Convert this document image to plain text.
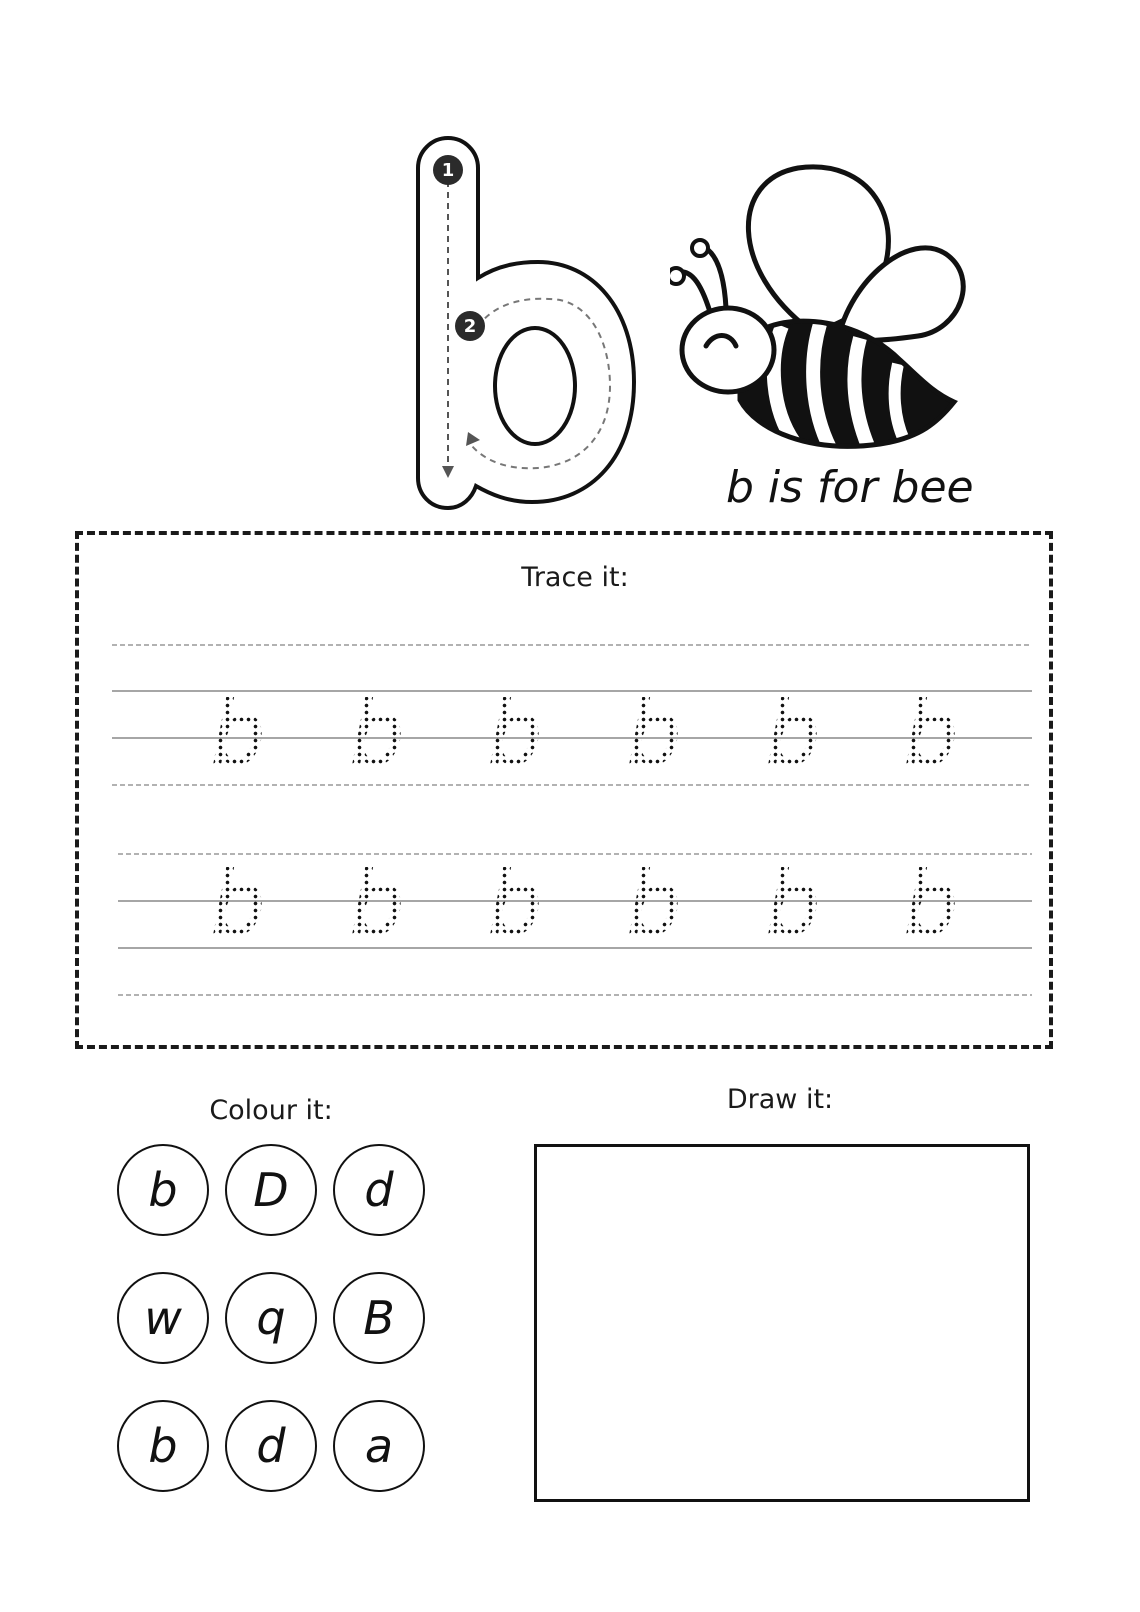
1
2
b is for bee
Trace it:
b b b b b b
b b b b b b
Colour it:
b	D	d
w	q	B
b	d	a
Draw it:
